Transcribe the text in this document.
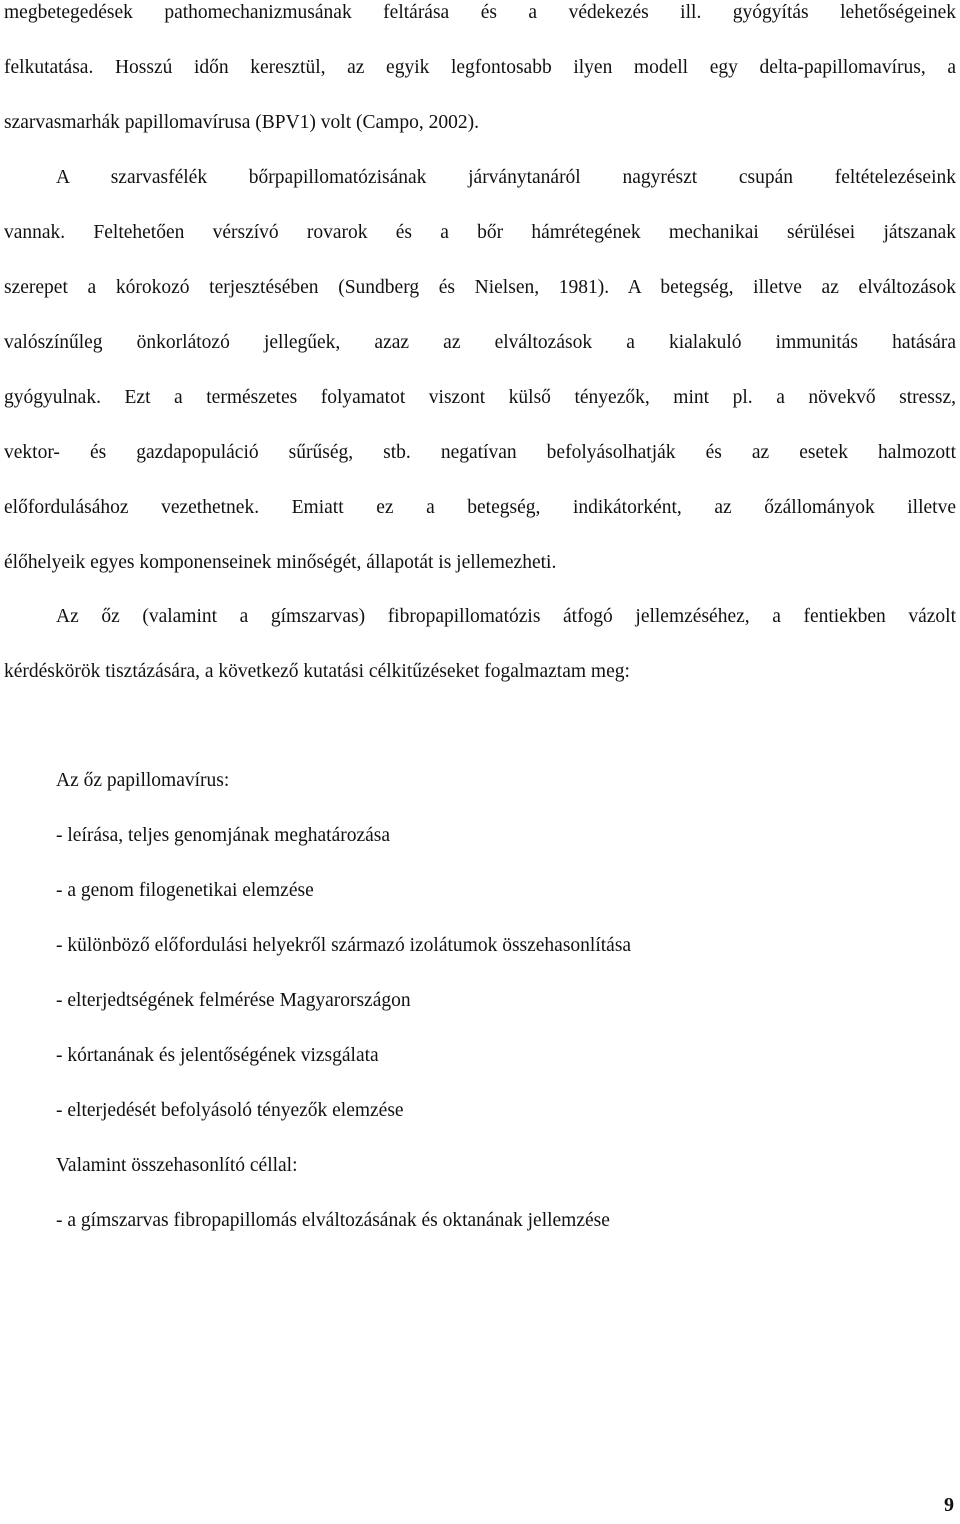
megbetegedések pathomechanizmusának feltárása és a védekezés ill. gyógyítás lehetőségeinek
felkutatása. Hosszú időn keresztül, az egyik legfontosabb ilyen modell egy delta-papillomavírus, a
szarvasmarhák papillomavírusa (BPV1) volt (Campo, 2002).
A szarvasfélék bőrpapillomatózisának járványtanáról nagyrészt csupán feltételezéseink
vannak. Feltehetően vérszívó rovarok és a bőr hámrétegének mechanikai sérülései játszanak
szerepet a kórokozó terjesztésében (Sundberg és Nielsen, 1981). A betegség, illetve az elváltozások
valószínűleg önkorlátozó jellegűek, azaz az elváltozások a kialakuló immunitás hatására
gyógyulnak. Ezt a természetes folyamatot viszont külső tényezők, mint pl. a növekvő stressz,
vektor- és gazdapopuláció sűrűség, stb. negatívan befolyásolhatják és az esetek halmozott
előfordulásához vezethetnek. Emiatt ez a betegség, indikátorként, az őzállományok illetve
élőhelyeik egyes komponenseinek minőségét, állapotát is jellemezheti.
Az őz (valamint a gímszarvas) fibropapillomatózis átfogó jellemzéséhez, a fentiekben vázolt
kérdéskörök tisztázására, a következő kutatási célkitűzéseket fogalmaztam meg:
Az őz papillomavírus:
- leírása, teljes genomjának meghatározása
- a genom filogenetikai elemzése
- különböző előfordulási helyekről származó izolátumok összehasonlítása
- elterjedtségének felmérése Magyarországon
- kórtanának és jelentőségének vizsgálata
- elterjedését befolyásoló tényezők elemzése
Valamint összehasonlító céllal:
- a gímszarvas fibropapillomás elváltozásának és oktanának jellemzése
9
